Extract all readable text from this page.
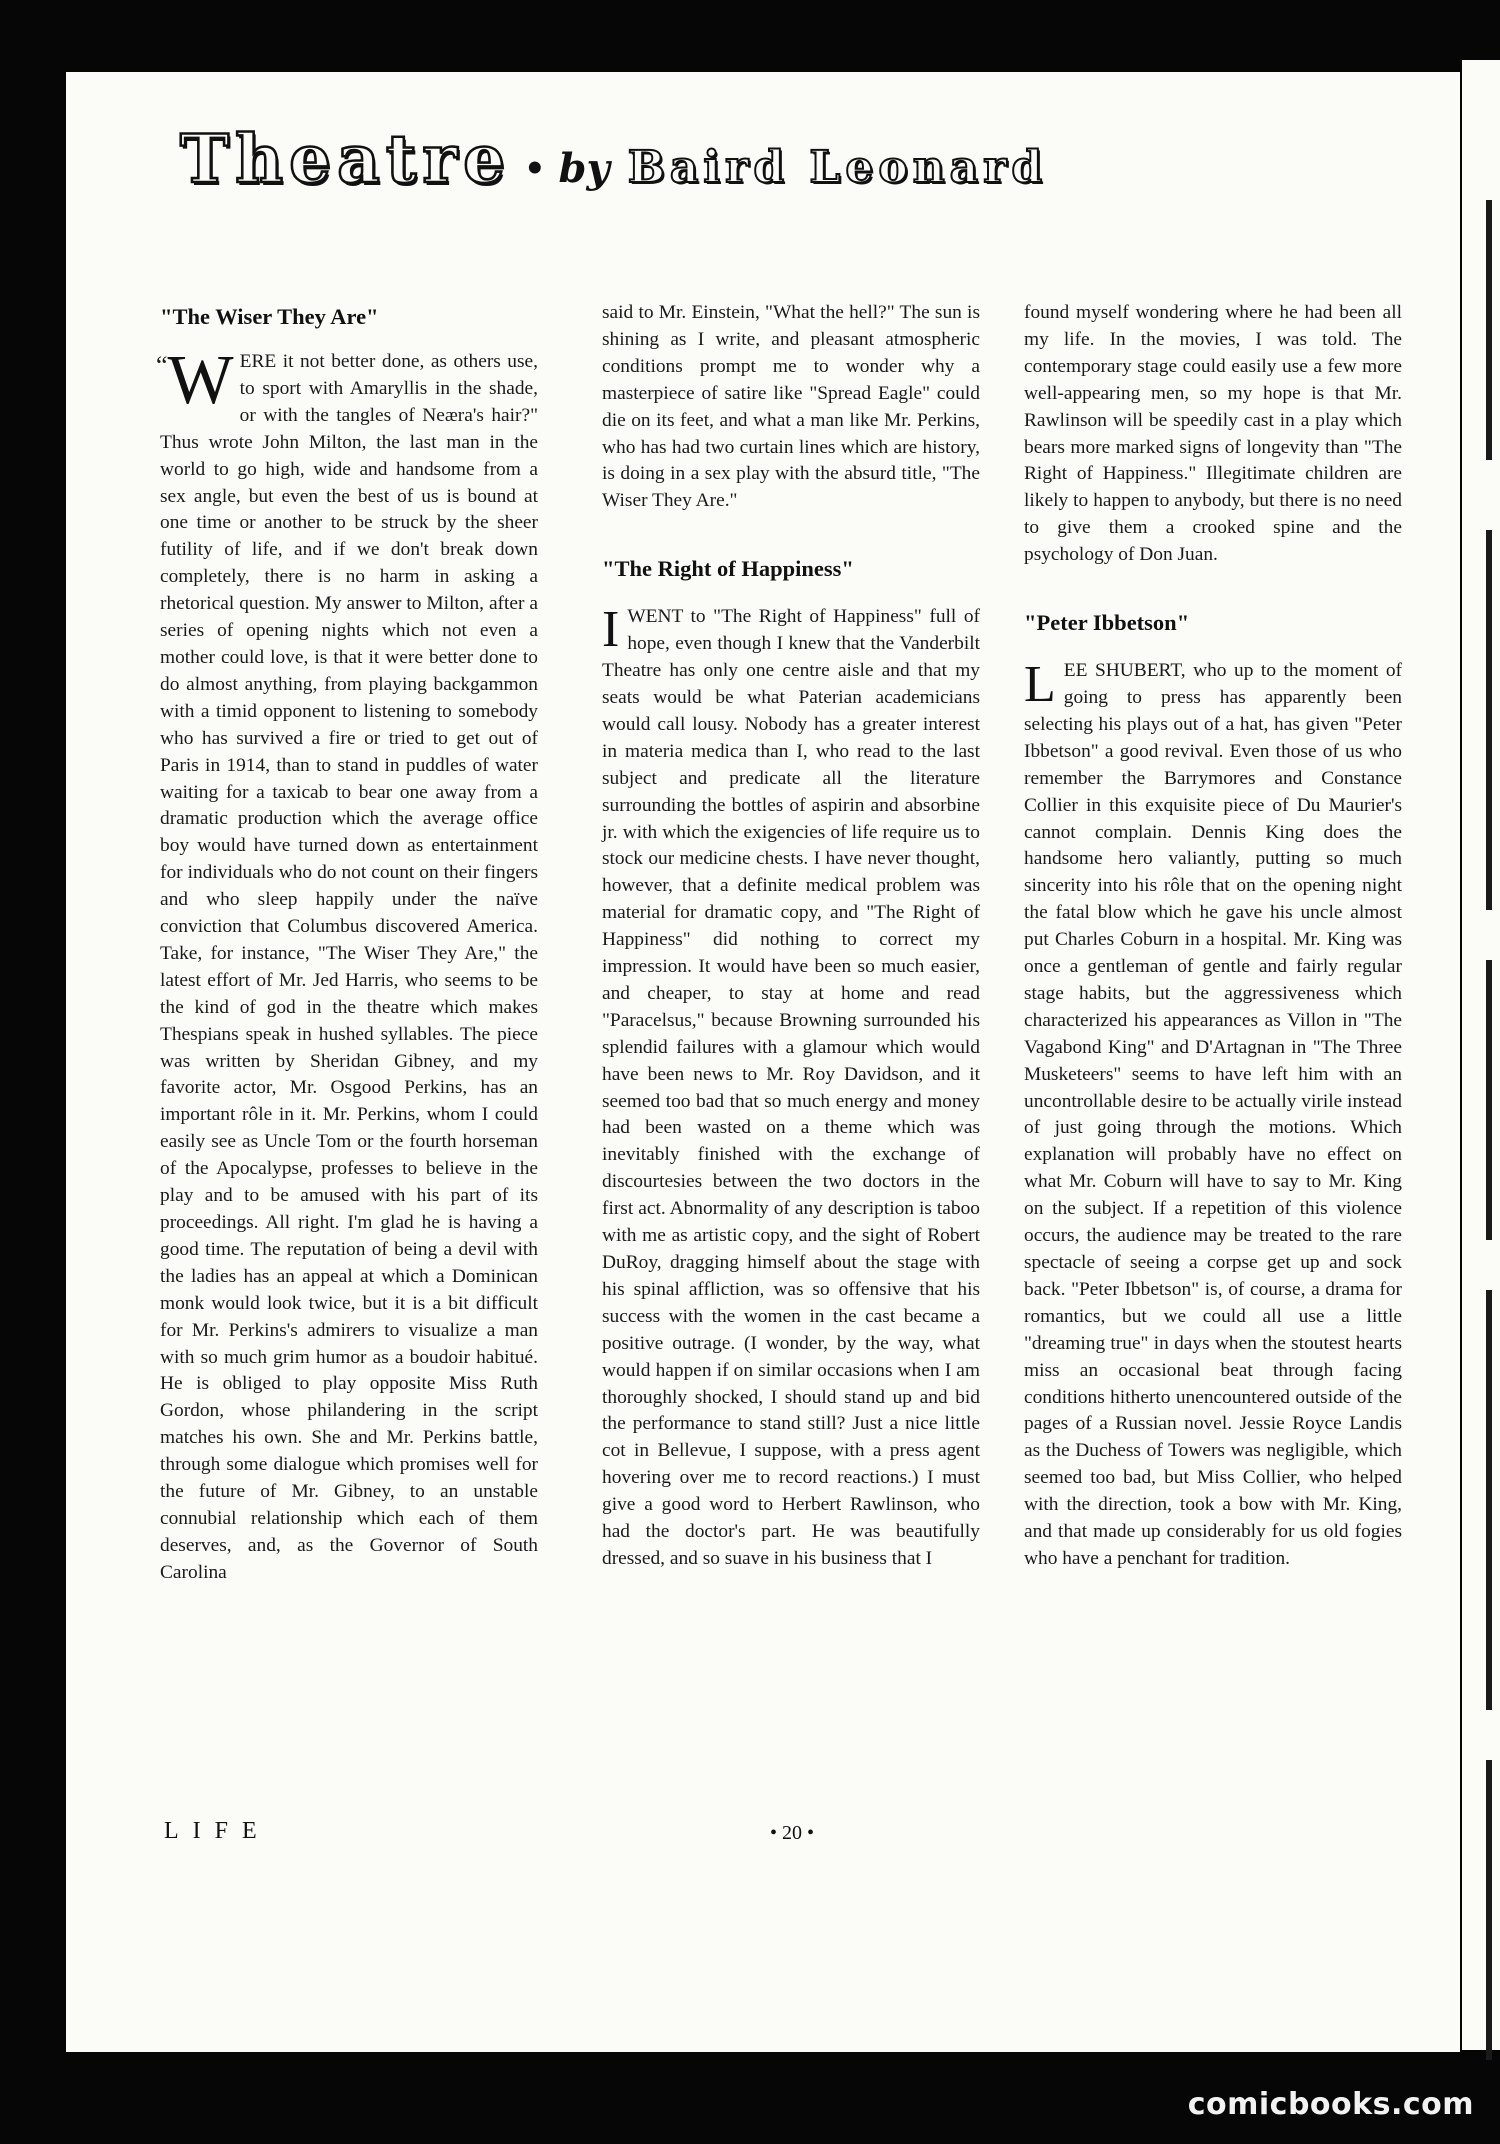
Theatre • by Baird Leonard
"The Wiser They Are"

“ W ERE it not better done, as others use, to sport with Amaryllis in the shade, or with the tangles of Neæra's hair?" Thus wrote John Milton, the last man in the world to go high, wide and handsome from a sex angle, but even the best of us is bound at one time or another to be struck by the sheer futility of life, and if we don't break down completely, there is no harm in asking a rhetorical question. My answer to Milton, after a series of opening nights which not even a mother could love, is that it were better done to do almost anything, from playing backgammon with a timid opponent to listening to somebody who has survived a fire or tried to get out of Paris in 1914, than to stand in puddles of water waiting for a taxicab to bear one away from a dramatic production which the average office boy would have turned down as entertainment for individuals who do not count on their fingers and who sleep happily under the naïve conviction that Columbus discovered America. Take, for instance, "The Wiser They Are," the latest effort of Mr. Jed Harris, who seems to be the kind of god in the theatre which makes Thespians speak in hushed syllables. The piece was written by Sheridan Gibney, and my favorite actor, Mr. Osgood Perkins, has an important rôle in it. Mr. Perkins, whom I could easily see as Uncle Tom or the fourth horseman of the Apocalypse, professes to believe in the play and to be amused with his part of its proceedings. All right. I'm glad he is having a good time. The reputation of being a devil with the ladies has an appeal at which a Dominican monk would look twice, but it is a bit difficult for Mr. Perkins's admirers to visualize a man with so much grim humor as a boudoir habitué. He is obliged to play opposite Miss Ruth Gordon, whose philandering in the script matches his own. She and Mr. Perkins battle, through some dialogue which promises well for the future of Mr. Gibney, to an unstable connubial relationship which each of them deserves, and, as the Governor of South Carolina

said to Mr. Einstein, "What the hell?" The sun is shining as I write, and pleasant atmospheric conditions prompt me to wonder why a masterpiece of satire like "Spread Eagle" could die on its feet, and what a man like Mr. Perkins, who has had two curtain lines which are history, is doing in a sex play with the absurd title, "The Wiser They Are."

"The Right of Happiness"

IWENT to "The Right of Happiness" full of hope, even though I knew that the Vanderbilt Theatre has only one centre aisle and that my seats would be what Paterian academicians would call lousy. Nobody has a greater interest in materia medica than I, who read to the last subject and predicate all the literature surrounding the bottles of aspirin and absorbine jr. with which the exigencies of life require us to stock our medicine chests. I have never thought, however, that a definite medical problem was material for dramatic copy, and "The Right of Happiness" did nothing to correct my impression. It would have been so much easier, and cheaper, to stay at home and read "Paracelsus," because Browning surrounded his splendid failures with a glamour which would have been news to Mr. Roy Davidson, and it seemed too bad that so much energy and money had been wasted on a theme which was inevitably finished with the exchange of discourtesies between the two doctors in the first act. Abnormality of any description is taboo with me as artistic copy, and the sight of Robert DuRoy, dragging himself about the stage with his spinal affliction, was so offensive that his success with the women in the cast became a positive outrage. (I wonder, by the way, what would happen if on similar occasions when I am thoroughly shocked, I should stand up and bid the performance to stand still? Just a nice little cot in Bellevue, I suppose, with a press agent hovering over me to record reactions.) I must give a good word to Herbert Rawlinson, who had the doctor's part. He was beautifully dressed, and so suave in his business that I

found myself wondering where he had been all my life. In the movies, I was told. The contemporary stage could easily use a few more well-appearing men, so my hope is that Mr. Rawlinson will be speedily cast in a play which bears more marked signs of longevity than "The Right of Happiness." Illegitimate children are likely to happen to anybody, but there is no need to give them a crooked spine and the psychology of Don Juan.

"Peter Ibbetson"

LEE SHUBERT, who up to the moment of going to press has apparently been selecting his plays out of a hat, has given "Peter Ibbetson" a good revival. Even those of us who remember the Barrymores and Constance Collier in this exquisite piece of Du Maurier's cannot complain. Dennis King does the handsome hero valiantly, putting so much sincerity into his rôle that on the opening night the fatal blow which he gave his uncle almost put Charles Coburn in a hospital. Mr. King was once a gentleman of gentle and fairly regular stage habits, but the aggressiveness which characterized his appearances as Villon in "The Vagabond King" and D'Artagnan in "The Three Musketeers" seems to have left him with an uncontrollable desire to be actually virile instead of just going through the motions. Which explanation will probably have no effect on what Mr. Coburn will have to say to Mr. King on the subject. If a repetition of this violence occurs, the audience may be treated to the rare spectacle of seeing a corpse get up and sock back. "Peter Ibbetson" is, of course, a drama for romantics, but we could all use a little "dreaming true" in days when the stoutest hearts miss an occasional beat through facing conditions hitherto unencountered outside of the pages of a Russian novel. Jessie Royce Landis as the Duchess of Towers was negligible, which seemed too bad, but Miss Collier, who helped with the direction, took a bow with Mr. King, and that made up considerably for us old fogies who have a penchant for tradition.

LIFE	• 20 •
comicbooks.com
